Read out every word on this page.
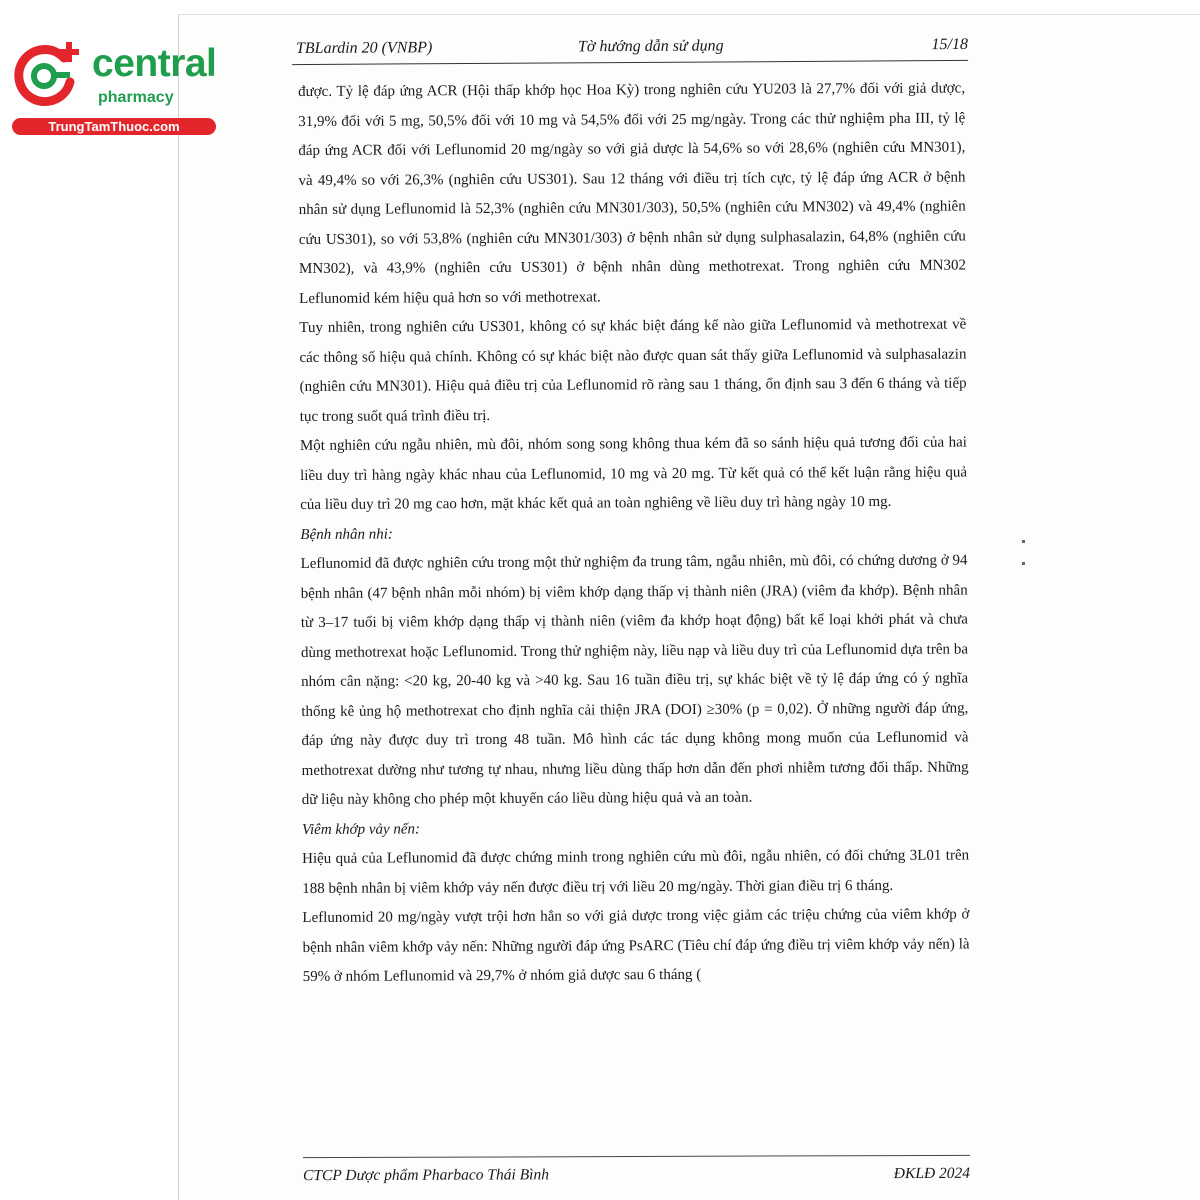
central
pharmacy
TrungTamThuoc.com
TBLardin 20 (VNBP)	Tờ hướng dẫn sử dụng	15/18

được. Tỷ lệ đáp ứng ACR (Hội thấp khớp học Hoa Kỳ) trong nghiên cứu YU203 là 27,7% đối với giả dược, 31,9% đối với 5 mg, 50,5% đối với 10 mg và 54,5% đối với 25 mg/ngày. Trong các thử nghiệm pha III, tỷ lệ đáp ứng ACR đối với Leflunomid 20 mg/ngày so với giả dược là 54,6% so với 28,6% (nghiên cứu MN301), và 49,4% so với 26,3% (nghiên cứu US301). Sau 12 tháng với điều trị tích cực, tỷ lệ đáp ứng ACR ở bệnh nhân sử dụng Leflunomid là 52,3% (nghiên cứu MN301/303), 50,5% (nghiên cứu MN302) và 49,4% (nghiên cứu US301), so với 53,8% (nghiên cứu MN301/303) ở bệnh nhân sử dụng sulphasalazin, 64,8% (nghiên cứu MN302), và 43,9% (nghiên cứu US301) ở bệnh nhân dùng methotrexat. Trong nghiên cứu MN302 Leflunomid kém hiệu quả hơn so với methotrexat.

Tuy nhiên, trong nghiên cứu US301, không có sự khác biệt đáng kể nào giữa Leflunomid và methotrexat về các thông số hiệu quả chính. Không có sự khác biệt nào được quan sát thấy giữa Leflunomid và sulphasalazin (nghiên cứu MN301). Hiệu quả điều trị của Leflunomid rõ ràng sau 1 tháng, ổn định sau 3 đến 6 tháng và tiếp tục trong suốt quá trình điều trị.

Một nghiên cứu ngẫu nhiên, mù đôi, nhóm song song không thua kém đã so sánh hiệu quả tương đối của hai liều duy trì hàng ngày khác nhau của Leflunomid, 10 mg và 20 mg. Từ kết quả có thể kết luận rằng hiệu quả của liều duy trì 20 mg cao hơn, mặt khác kết quả an toàn nghiêng về liều duy trì hàng ngày 10 mg.

Bệnh nhân nhi:

Leflunomid đã được nghiên cứu trong một thử nghiệm đa trung tâm, ngẫu nhiên, mù đôi, có chứng dương ở 94 bệnh nhân (47 bệnh nhân mỗi nhóm) bị viêm khớp dạng thấp vị thành niên (JRA) (viêm đa khớp). Bệnh nhân từ 3–17 tuổi bị viêm khớp dạng thấp vị thành niên (viêm đa khớp hoạt động) bất kể loại khởi phát và chưa dùng methotrexat hoặc Leflunomid. Trong thử nghiệm này, liều nạp và liều duy trì của Leflunomid dựa trên ba nhóm cân nặng: <20 kg, 20-40 kg và >40 kg. Sau 16 tuần điều trị, sự khác biệt về tỷ lệ đáp ứng có ý nghĩa thống kê ủng hộ methotrexat cho định nghĩa cải thiện JRA (DOI) ≥30% (p = 0,02). Ở những người đáp ứng, đáp ứng này được duy trì trong 48 tuần. Mô hình các tác dụng không mong muốn của Leflunomid và methotrexat dường như tương tự nhau, nhưng liều dùng thấp hơn dẫn đến phơi nhiễm tương đối thấp. Những dữ liệu này không cho phép một khuyến cáo liều dùng hiệu quả và an toàn.

Viêm khớp vảy nến:

Hiệu quả của Leflunomid đã được chứng minh trong nghiên cứu mù đôi, ngẫu nhiên, có đối chứng 3L01 trên 188 bệnh nhân bị viêm khớp vảy nến được điều trị với liều 20 mg/ngày. Thời gian điều trị 6 tháng.

Leflunomid 20 mg/ngày vượt trội hơn hẳn so với giả dược trong việc giảm các triệu chứng của viêm khớp ở bệnh nhân viêm khớp vảy nến: Những người đáp ứng PsARC (Tiêu chí đáp ứng điều trị viêm khớp vảy nến) là 59% ở nhóm Leflunomid và 29,7% ở nhóm giả dược sau 6 tháng (

CTCP Dược phẩm Pharbaco Thái Bình	ĐKLĐ 2024
